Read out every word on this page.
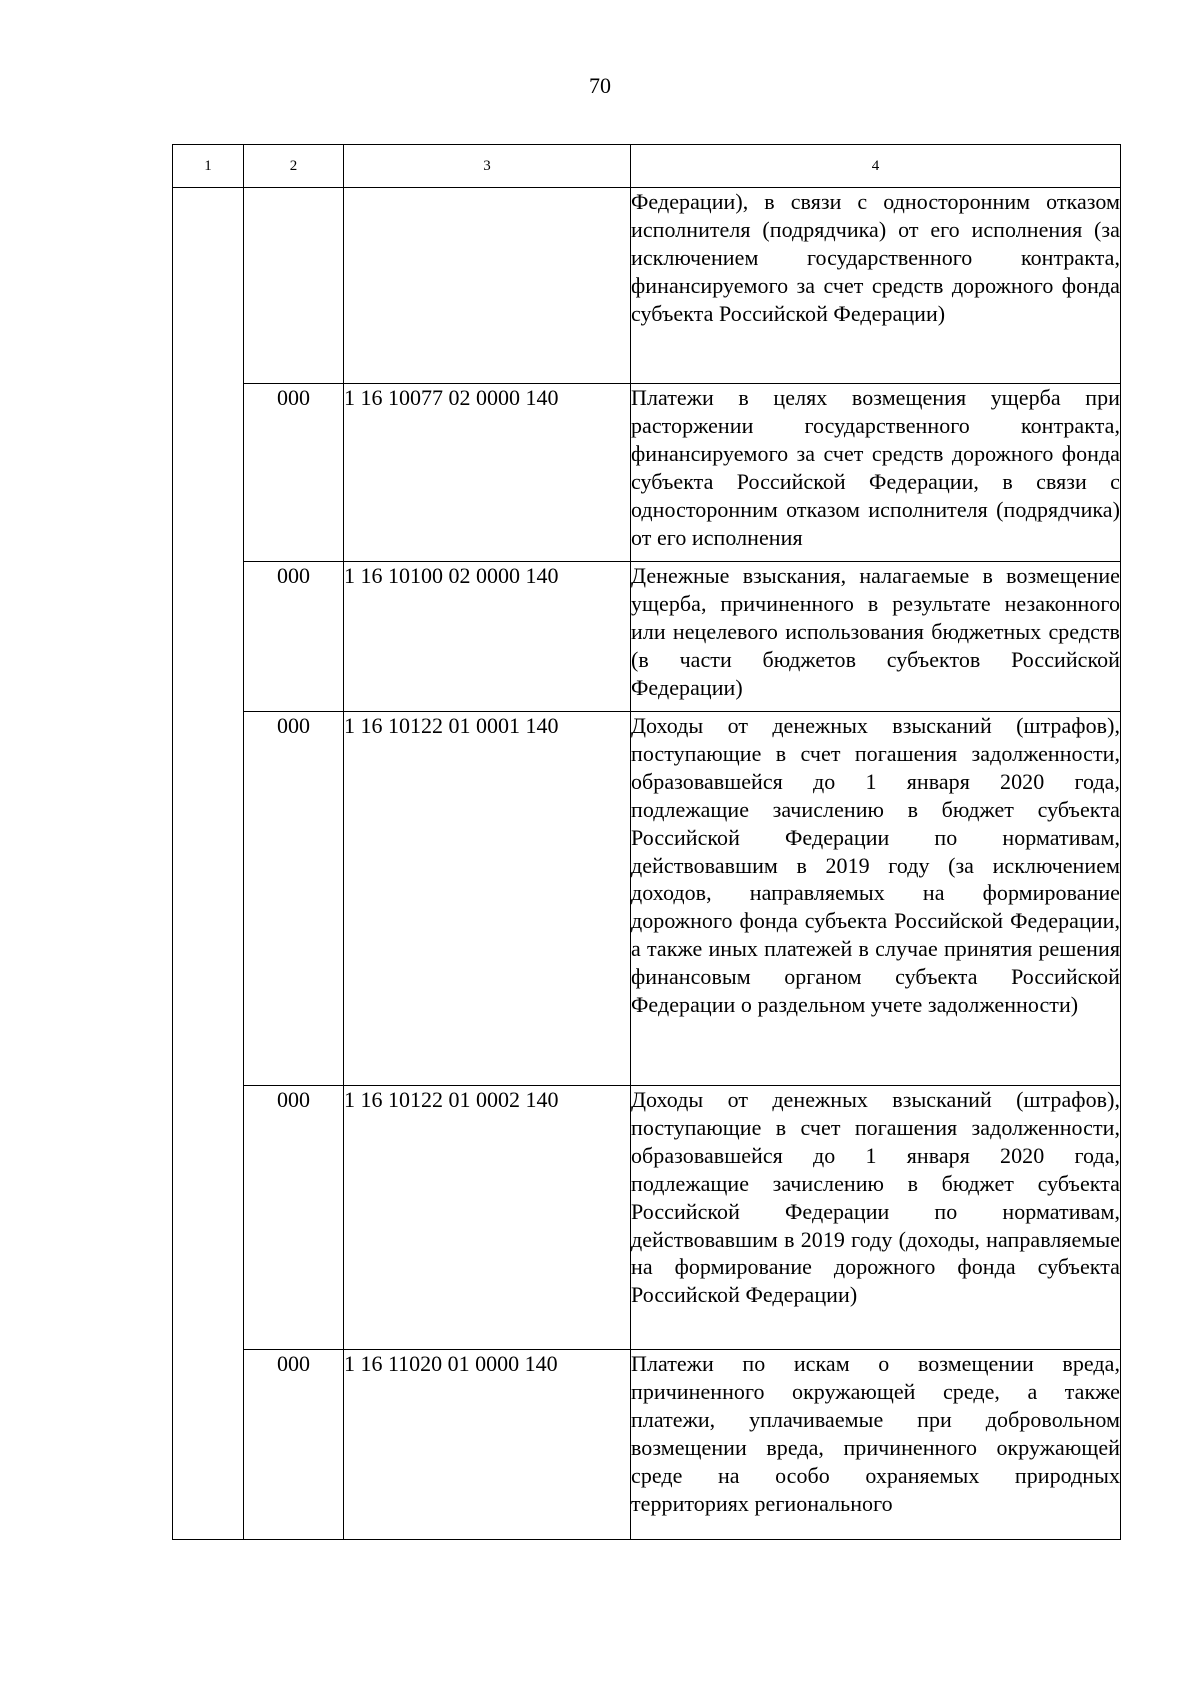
70
1	2	3	4
			Федерации), в связи с односторонним отказом исполнителя (подрядчика) от его исполнения (за исключением государственного контракта, финансируемого за счет средств дорожного фонда субъекта Российской Федерации)
	000	1 16 10077 02 0000 140	Платежи в целях возмещения ущерба при расторжении государственного контракта, финансируемого за счет средств дорожного фонда субъекта Российской Федерации, в связи с односторонним отказом исполнителя (подрядчика) от его исполнения
	000	1 16 10100 02 0000 140	Денежные взыскания, налагаемые в возмещение ущерба, причиненного в результате незаконного или нецелевого использования бюджетных средств (в части бюджетов субъектов Российской Федерации)
	000	1 16 10122 01 0001 140	Доходы от денежных взысканий (штрафов), поступающие в счет погашения задолженности, образовавшейся до 1 января 2020 года, подлежащие зачислению в бюджет субъекта Российской Федерации по нормативам, действовавшим в 2019 году (за исключением доходов, направляемых на формирование дорожного фонда субъекта Российской Федерации, а также иных платежей в случае принятия решения финансовым органом субъекта Российской Федерации о раздельном учете задолженности)
	000	1 16 10122 01 0002 140	Доходы от денежных взысканий (штрафов), поступающие в счет погашения задолженности, образовавшейся до 1 января 2020 года, подлежащие зачислению в бюджет субъекта Российской Федерации по нормативам, действовавшим в 2019 году (доходы, направляемые на формирование дорожного фонда субъекта Российской Федерации)
	000	1 16 11020 01 0000 140	Платежи по искам о возмещении вреда, причиненного окружающей среде, а также платежи, уплачиваемые при добровольном возмещении вреда, причиненного окружающей среде на особо охраняемых природных территориях регионального
